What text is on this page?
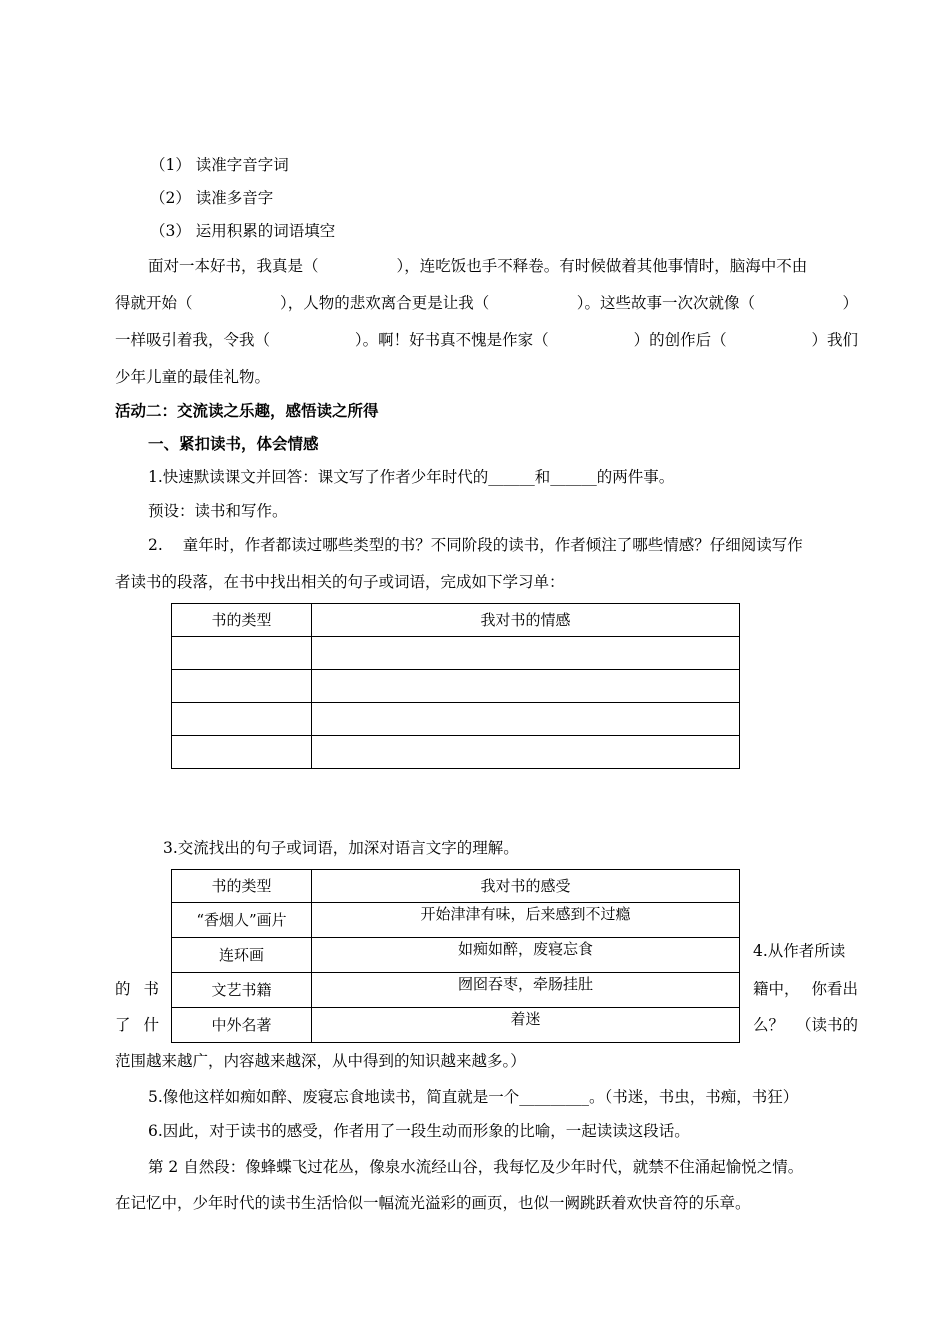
（1） 读准字音字词
（2） 读准多音字
（3） 运用积累的词语填空
面对一本好书，我真是（	），连吃饭也手不释卷。有时候做着其他事情时，脑海中不由
得就开始（	），人物的悲欢离合更是让我（	）。这些故事一次次就像（	）
一样吸引着我，令我（	）。啊！好书真不愧是作家（	）的创作后（	）我们
少年儿童的最佳礼物。
活动二：交流读之乐趣，感悟读之所得
一、紧扣读书，体会情感
1.快速默读课文并回答：课文写了作者少年时代的______和______的两件事。
预设：读书和写作。
2. 童年时，作者都读过哪些类型的书？不同阶段的读书，作者倾注了哪些情感？仔细阅读写作
者读书的段落，在书中找出相关的句子或词语，完成如下学习单：
书的类型	我对书的情感

3.交流找出的句子或词语，加深对语言文字的理解。
书的类型	我对书的感受
“香烟人”画片	开始津津有味，后来感到不过瘾
连环画	如痴如醉，废寝忘食
文艺书籍	囫囵吞枣，牵肠挂肚
中外名著	着迷
4.从作者所读
的 书	籍中， 你看出
了 什	么？ （读书的
范围越来越广，内容越来越深，从中得到的知识越来越多。）
5.像他这样如痴如醉、废寝忘食地读书，简直就是一个_________。（书迷，书虫，书痴，书狂）
6.因此，对于读书的感受，作者用了一段生动而形象的比喻，一起读读这段话。
第 2 自然段：像蜂蝶飞过花丛，像泉水流经山谷，我每忆及少年时代，就禁不住涌起愉悦之情。
在记忆中，少年时代的读书生活恰似一幅流光溢彩的画页，也似一阙跳跃着欢快音符的乐章。
